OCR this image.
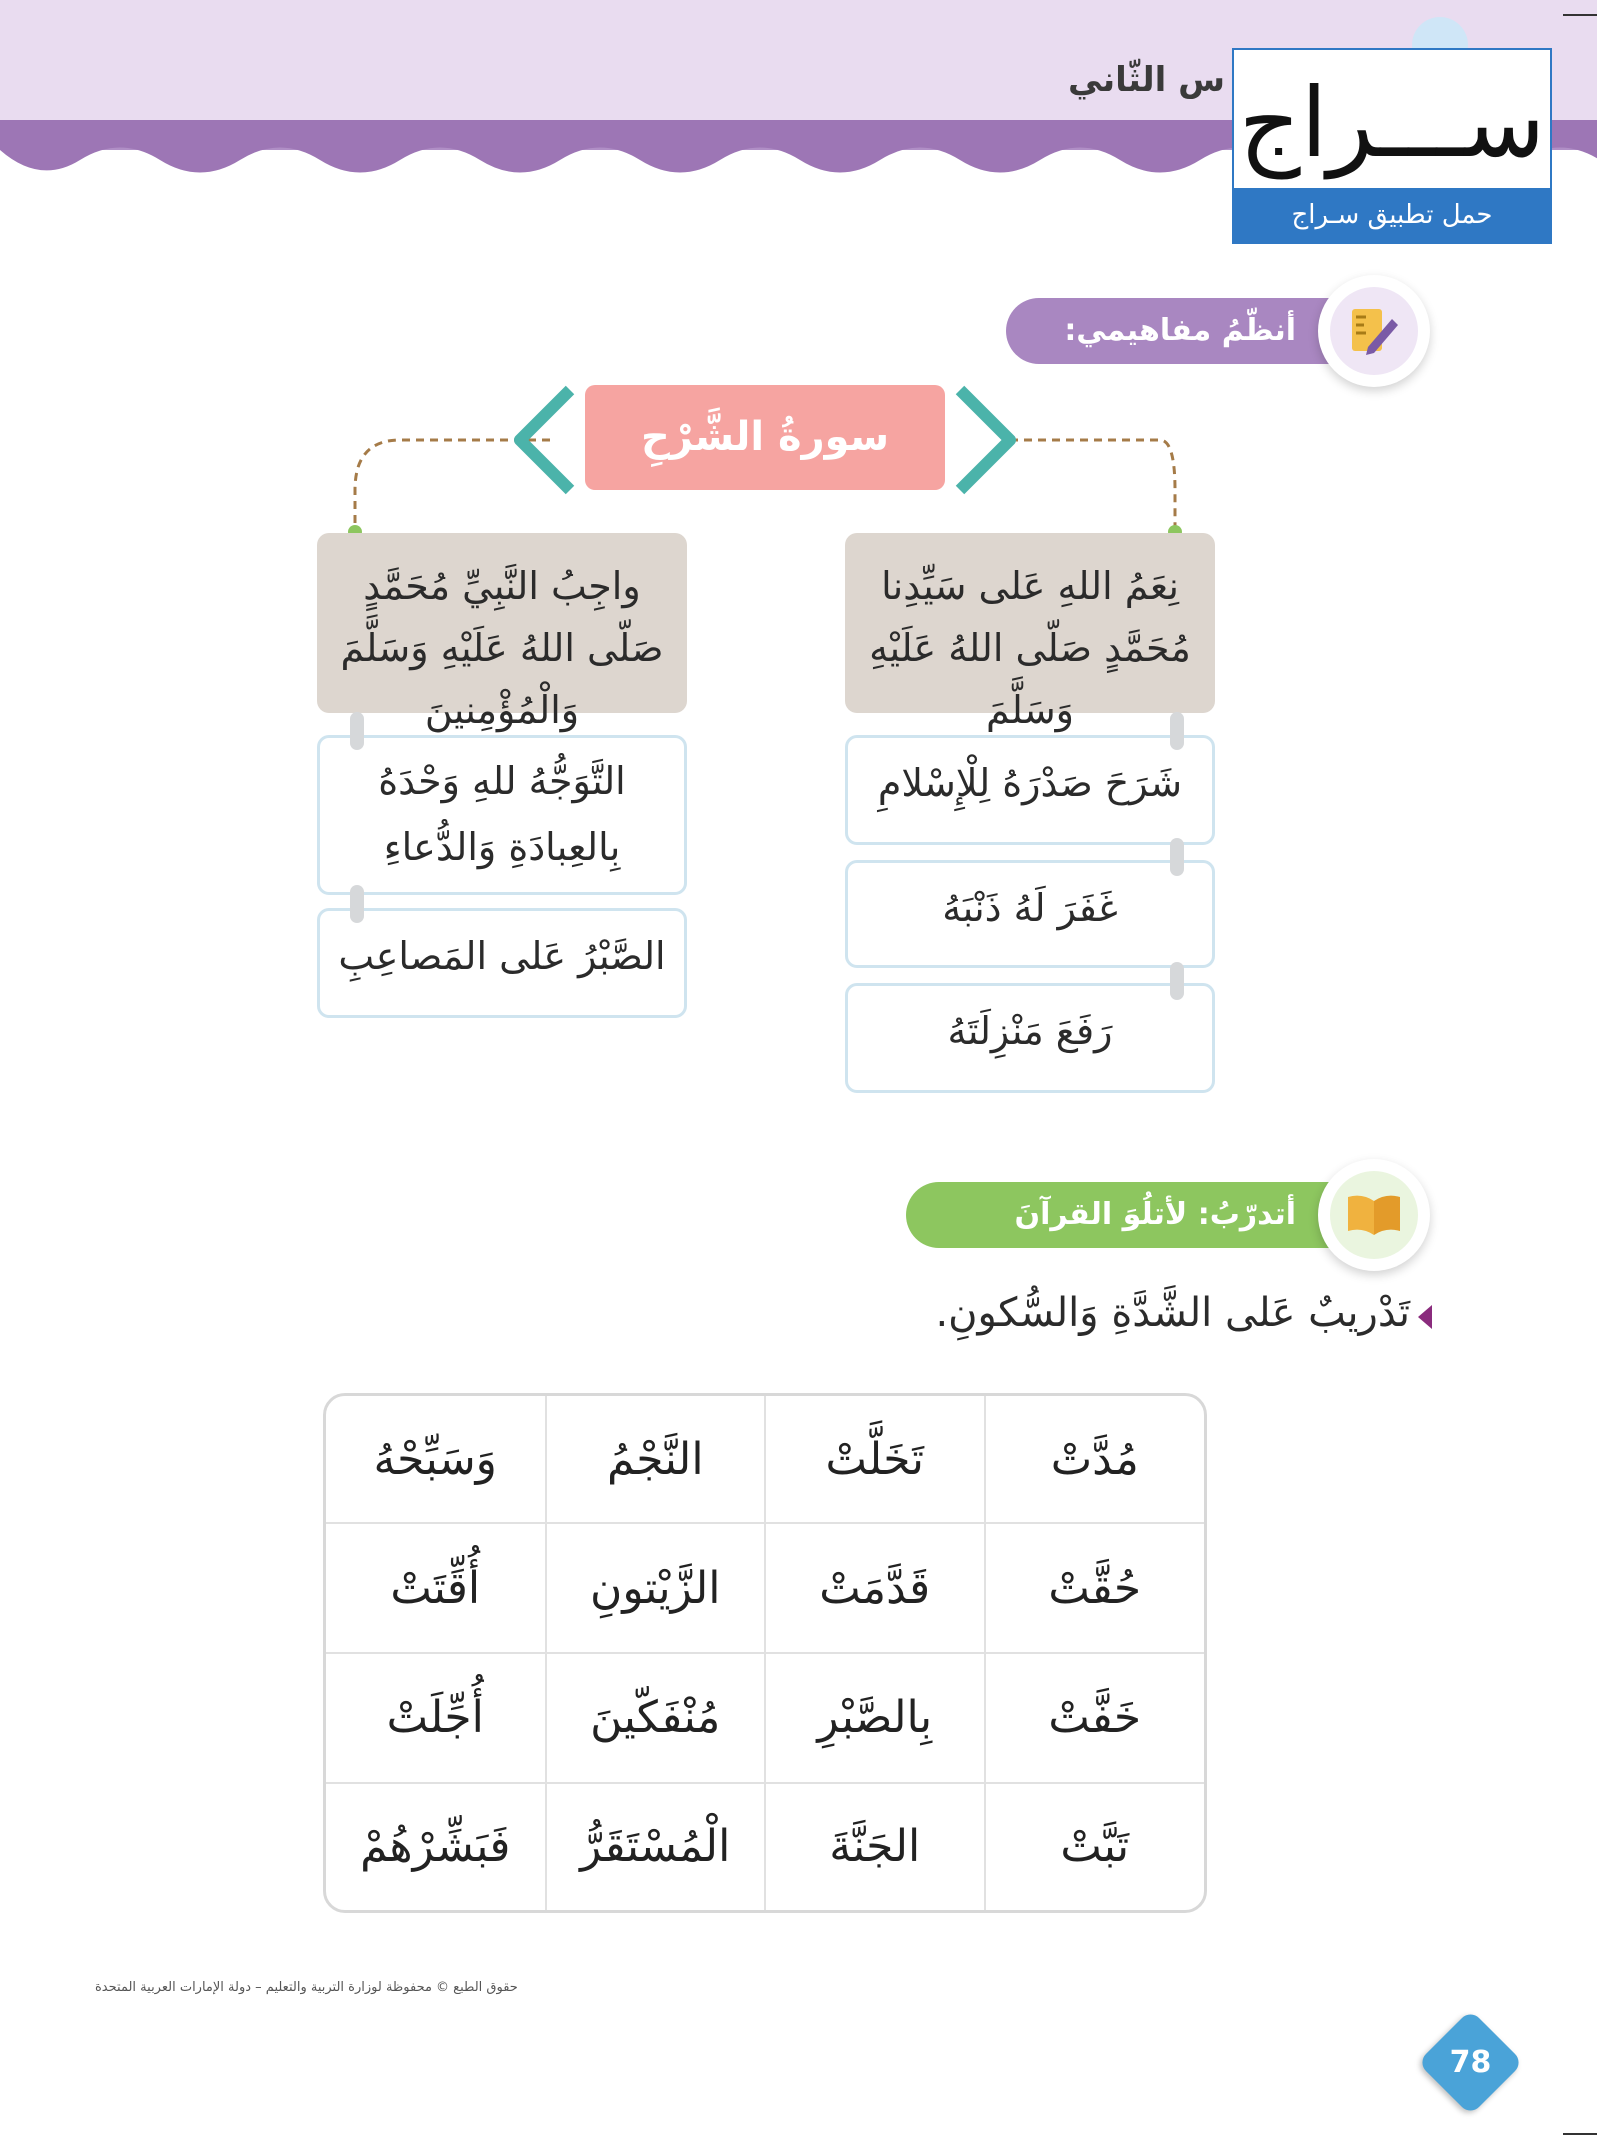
س الثّاني ســـراج
حمل تطبيق سـراج
أنظّمُ مفاهيمي:
سورةُ الشَّرْحِ
نِعَمُ اللهِ عَلى سَيِّدِنا مُحَمَّدٍ صَلّى اللهُ عَلَيْهِ وَسَلَّمَ
شَرَحَ صَدْرَهُ لِلْإِسْلامِ
غَفَرَ لَهُ ذَنْبَهُ
رَفَعَ مَنْزِلَتَهُ
واجِبُ النَّبِيِّ مُحَمَّدٍ صَلّى اللهُ عَلَيْهِ وَسَلَّمَ وَالْمُؤْمِنينَ
التَّوَجُّهُ للهِ وَحْدَهُ بِالعِبادَةِ وَالدُّعاءِ
الصَّبْرُ عَلى المَصاعِبِ
أتدرّبُ: لأتلُوَ القرآنَ الكريمَ:
تَدْريبٌ عَلى الشَّدَّةِ وَالسُّكونِ.
مُدَّتْ	تَخَلَّتْ	النَّجْمُ	وَسَبِّحْهُ
حُقَّتْ	قَدَّمَتْ	الزَّيْتونِ	أُقِّتَتْ
خَفَّتْ	بِالصَّبْرِ	مُنْفَكّينَ	أُجِّلَتْ
تَبَّتْ	الجَنَّةَ	الْمُسْتَقَرُّ	فَبَشِّرْهُمْ
حقوق الطبع © محفوظة لوزارة التربية والتعليم – دولة الإمارات العربية المتحدة
78
